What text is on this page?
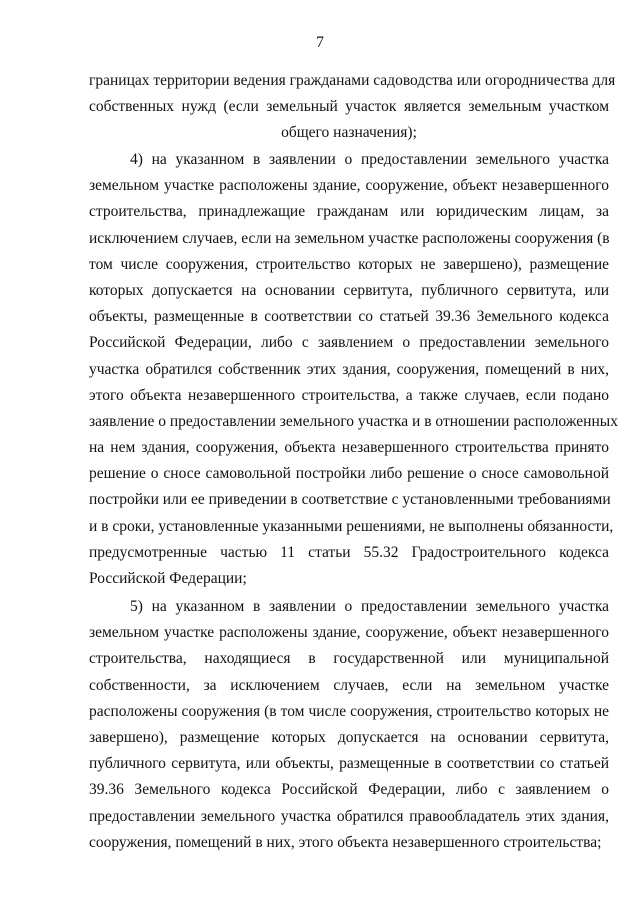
7
границах территории ведения гражданами садоводства или огородничества для
собственных нужд (если земельный участок является земельным участком
общего назначения);
4) на указанном в заявлении о предоставлении земельного участка
земельном участке расположены здание, сооружение, объект незавершенного
строительства, принадлежащие гражданам или юридическим лицам, за
исключением случаев, если на земельном участке расположены сооружения (в
том числе сооружения, строительство которых не завершено), размещение
которых допускается на основании сервитута, публичного сервитута, или
объекты, размещенные в соответствии со статьей 39.36 Земельного кодекса
Российской Федерации, либо с заявлением о предоставлении земельного
участка обратился собственник этих здания, сооружения, помещений в них,
этого объекта незавершенного строительства, а также случаев, если подано
заявление о предоставлении земельного участка и в отношении расположенных
на нем здания, сооружения, объекта незавершенного строительства принято
решение о сносе самовольной постройки либо решение о сносе самовольной
постройки или ее приведении в соответствие с установленными требованиями
и в сроки, установленные указанными решениями, не выполнены обязанности,
предусмотренные частью 11 статьи 55.32 Градостроительного кодекса
Российской Федерации;
5) на указанном в заявлении о предоставлении земельного участка
земельном участке расположены здание, сооружение, объект незавершенного
строительства, находящиеся в государственной или муниципальной
собственности, за исключением случаев, если на земельном участке
расположены сооружения (в том числе сооружения, строительство которых не
завершено), размещение которых допускается на основании сервитута,
публичного сервитута, или объекты, размещенные в соответствии со статьей
39.36 Земельного кодекса Российской Федерации, либо с заявлением о
предоставлении земельного участка обратился правообладатель этих здания,
сооружения, помещений в них, этого объекта незавершенного строительства;
